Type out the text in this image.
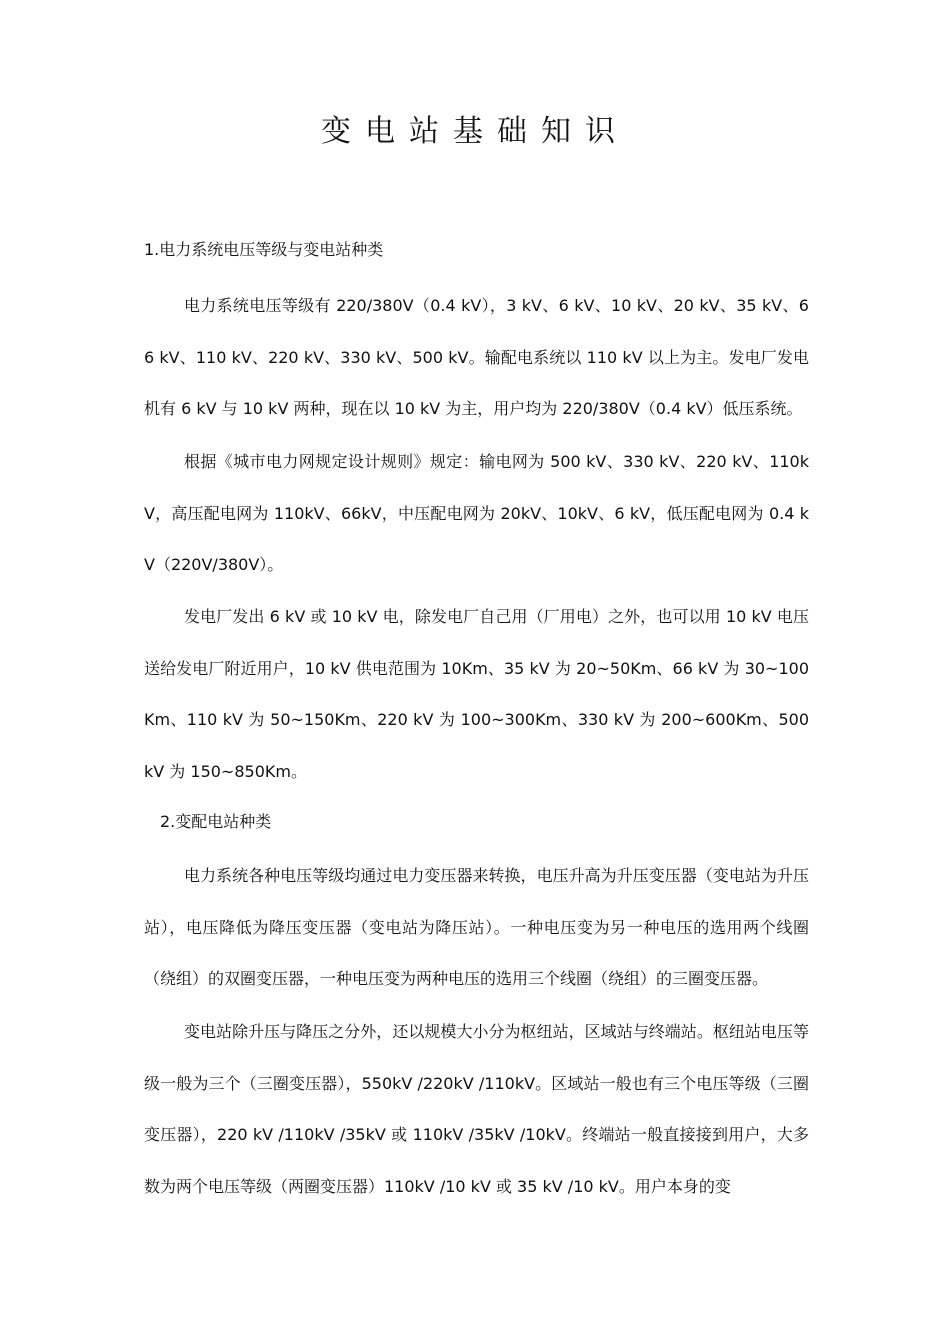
变电站基础知识
1.电力系统电压等级与变电站种类
电力系统电压等级有 220/380V（0.4 kV），3 kV、6 kV、10 kV、20 kV、35 kV、66 kV、110 kV、220 kV、330 kV、500 kV。输配电系统以 110 kV 以上为主。发电厂发电机有 6 kV 与 10 kV 两种，现在以 10 kV 为主，用户均为 220/380V（0.4 kV）低压系统。
根据《城市电力网规定设计规则》规定：输电网为 500 kV、330 kV、220 kV、110kV，高压配电网为 110kV、66kV，中压配电网为 20kV、10kV、6 kV，低压配电网为 0.4 kV（220V/380V）。
发电厂发出 6 kV 或 10 kV 电，除发电厂自己用（厂用电）之外，也可以用 10 kV 电压送给发电厂附近用户，10 kV 供电范围为 10Km、35 kV 为 20~50Km、66 kV 为 30~100Km、110 kV 为 50~150Km、220 kV 为 100~300Km、330 kV 为 200~600Km、500 kV 为 150~850Km。
2.变配电站种类
电力系统各种电压等级均通过电力变压器来转换，电压升高为升压变压器（变电站为升压站），电压降低为降压变压器（变电站为降压站）。一种电压变为另一种电压的选用两个线圈（绕组）的双圈变压器，一种电压变为两种电压的选用三个线圈（绕组）的三圈变压器。
变电站除升压与降压之分外，还以规模大小分为枢纽站，区域站与终端站。枢纽站电压等级一般为三个（三圈变压器），550kV /220kV /110kV。区域站一般也有三个电压等级（三圈变压器），220 kV /110kV /35kV 或 110kV /35kV /10kV。终端站一般直接接到用户，大多数为两个电压等级（两圈变压器）110kV /10 kV 或 35 kV /10 kV。用户本身的变
